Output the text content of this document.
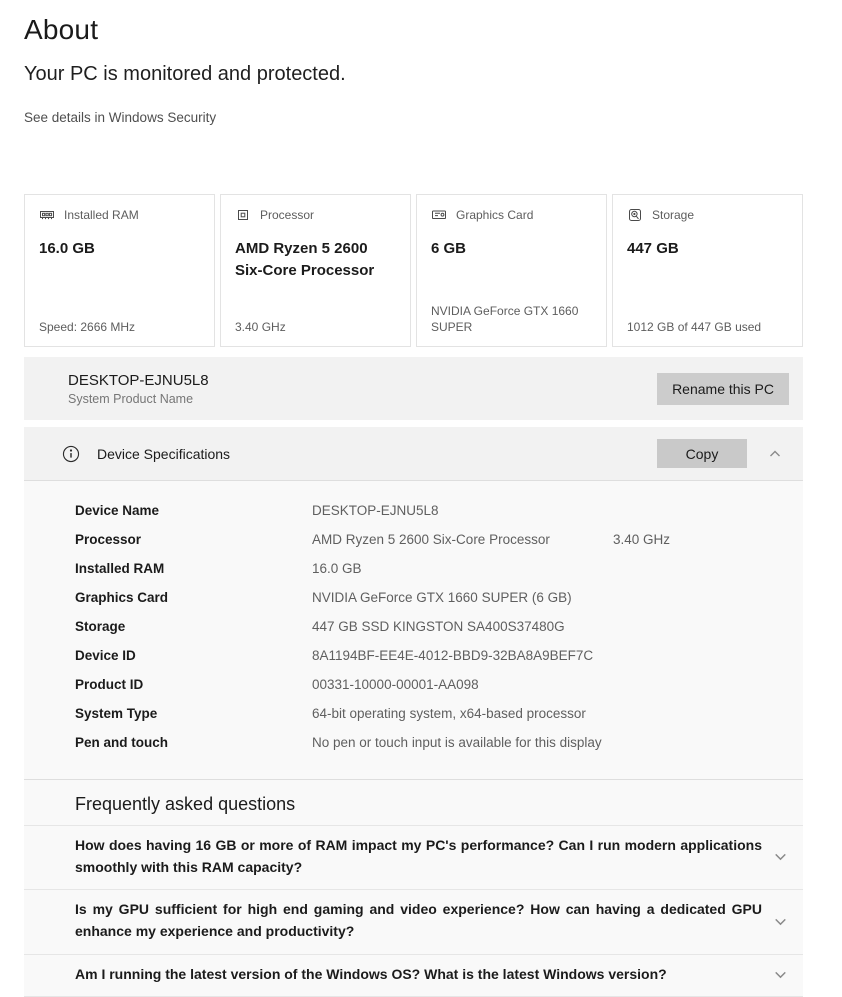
About
Your PC is monitored and protected.
See details in Windows Security
Installed RAM
16.0 GB
Speed: 2666 MHz
Processor
AMD Ryzen 5 2600 Six-Core Processor
3.40 GHz
Graphics Card
6 GB
NVIDIA GeForce GTX 1660 SUPER
Storage
447 GB
1012 GB of 447 GB used
DESKTOP-EJNU5L8
System Product Name
Rename this PC
Device Specifications	Copy
Device Name	DESKTOP-EJNU5L8
Processor	AMD Ryzen 5 2600 Six-Core Processor	3.40 GHz
Installed RAM	16.0 GB
Graphics Card	NVIDIA GeForce GTX 1660 SUPER (6 GB)
Storage	447 GB SSD KINGSTON SA400S37480G
Device ID	8A1194BF-EE4E-4012-BBD9-32BA8A9BEF7C
Product ID	00331-10000-00001-AA098
System Type	64-bit operating system, x64-based processor
Pen and touch	No pen or touch input is available for this display
Frequently asked questions
How does having 16 GB or more of RAM impact my PC's performance? Can I run modern applications smoothly with this RAM capacity?
Is my GPU sufficient for high end gaming and video experience? How can having a dedicated GPU enhance my experience and productivity?
Am I running the latest version of the Windows OS? What is the latest Windows version?
